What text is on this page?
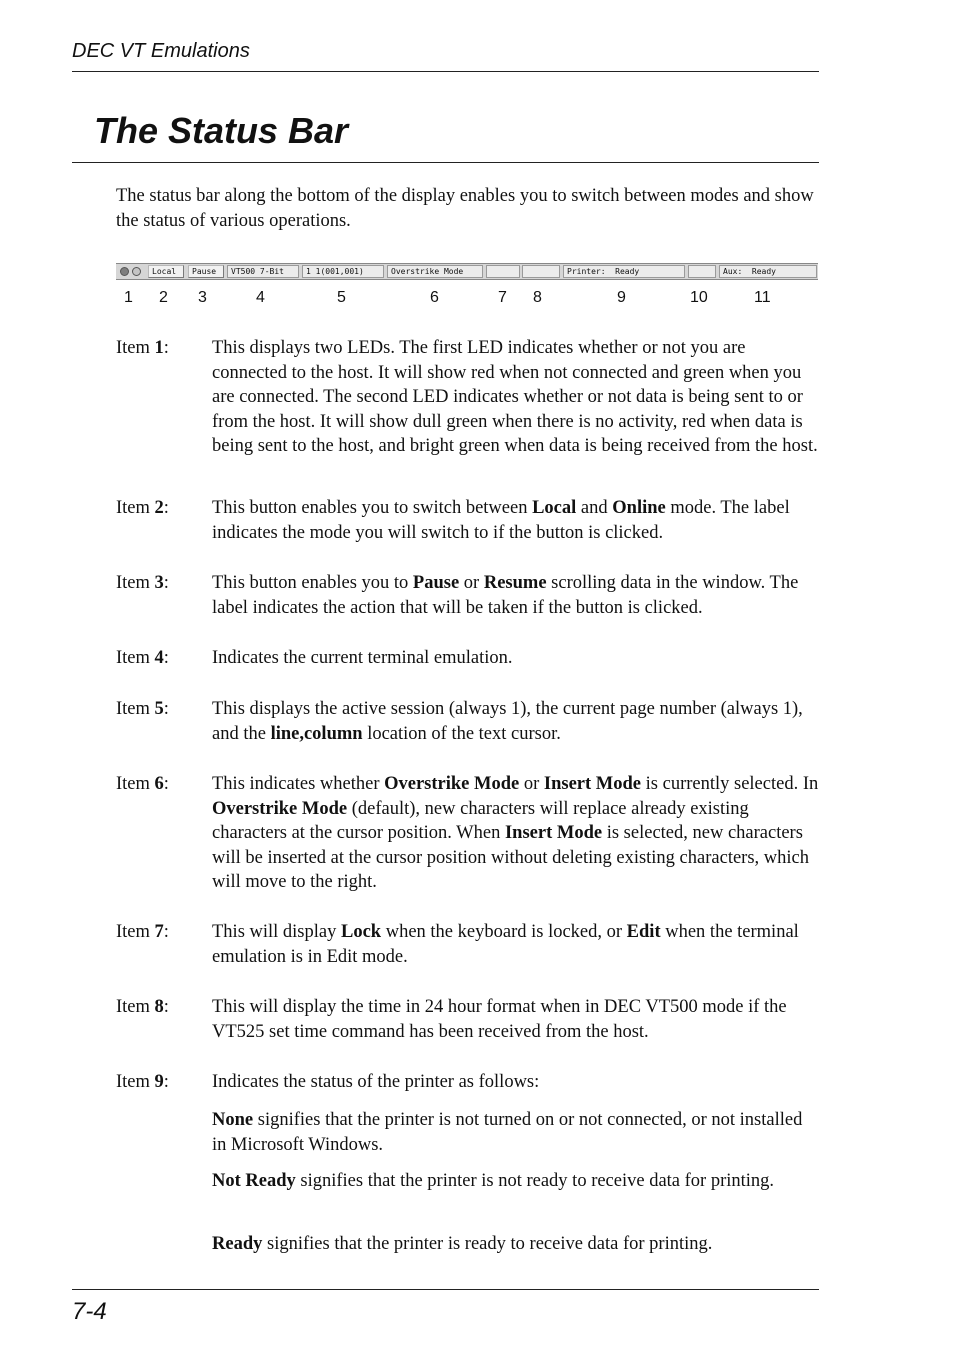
DEC VT Emulations
The Status Bar

The status bar along the bottom of the display enables you to switch between modes and show the status of various operations.

Local	Pause	VT500 7-Bit	1 1(001,001)	Overstrike Mode	Printer:  Ready	Aux:  Ready
1 2 3	4	5	6	7 8	9	10	11
Item 1: This displays two LEDs. The first LED indicates whether or not you are connected to the host. It will show red when not connected and green when you are connected. The second LED indicates whether or not data is being sent to or from the host. It will show dull green when there is no activity, red when data is being sent to the host, and bright green when data is being received from the host.

Item 2: This button enables you to switch between Local and Online mode. The label indicates the mode you will switch to if the button is clicked.

Item 3: This button enables you to Pause or Resume scrolling data in the window. The label indicates the action that will be taken if the button is clicked.

Item 4: Indicates the current terminal emulation.

Item 5: This displays the active session (always 1), the current page number (always 1), and the line,column location of the text cursor.

Item 6: This indicates whether Overstrike Mode or Insert Mode is currently selected. In Overstrike Mode (default), new characters will replace already existing characters at the cursor position. When Insert Mode is selected, new characters will be inserted at the cursor position without deleting existing characters, which will move to the right.

Item 7: This will display Lock when the keyboard is locked, or Edit when the terminal emulation is in Edit mode.

Item 8: This will display the time in 24 hour format when in DEC VT500 mode if the VT525 set time command has been received from the host.

Item 9: Indicates the status of the printer as follows:

None signifies that the printer is not turned on or not connected, or not installed in Microsoft Windows.

Not Ready signifies that the printer is not ready to receive data for printing.

Ready signifies that the printer is ready to receive data for printing.

7-4
